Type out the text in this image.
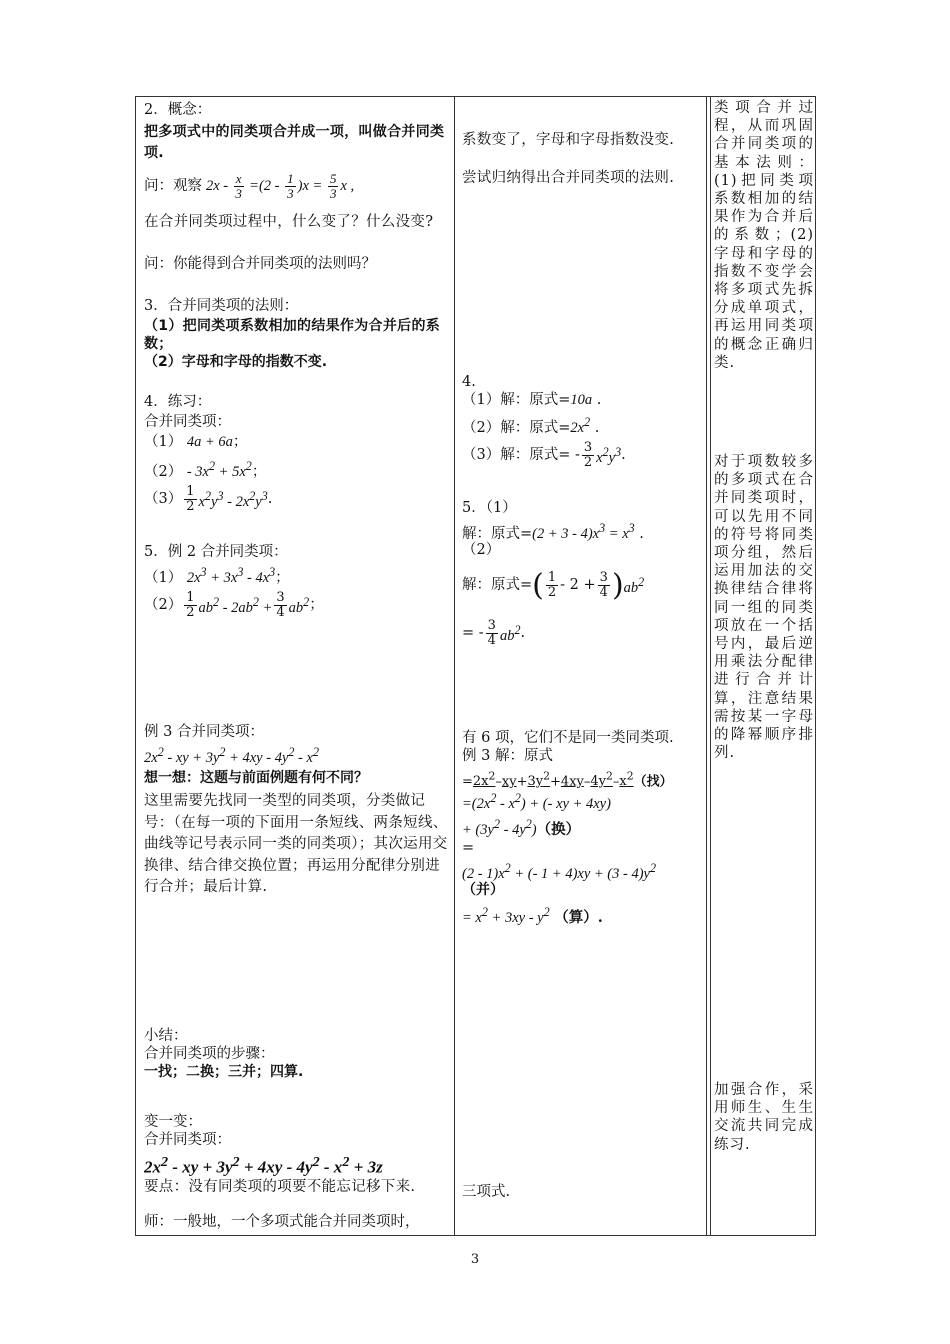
2．概念：
把多项式中的同类项合并成一项，叫做合并同类项.
问：观察 $2x - \frac{x}{3} =(2 - \frac{1}{3} )x = \frac{5}{3}$ x ,
在合并同类项过程中，什么变了？什么没变?
问：你能得到合并同类项的法则吗？
3．合并同类项的法则：
（1）把同类项系数相加的结果作为合并后的系数；
（2）字母和字母的指数不变.
4．练习：
合并同类项：
（1） 4a + 6a；
$(2) - 3x^2 + 5x^2$；
$(3) \frac{1}{2} x^2y^3 - 2x^2y^3$ .
5．例 2 合并同类项：
（1） $2x^3 + 3x^3 - 4x^3$；
$(2) \frac{1}{2} ab^2 - 2ab^2 + \frac{3}{4} ab^2$ ；
例 3 合并同类项：
$2x^2$ - xy + $3y^2 + 4xy - 4y^2 - x^2$
想一想：这题与前面例题有何不同？
这里需要先找同一类型的同类项，分类做记号：（在每一项的下面用一条短线、两条短线、曲线等记号表示同一类的同类项）；其次运用交换律、结合律交换位置；再运用分配律分别进行合并；最后计算.
小结：
合并同类项的步骤：
一找；二换；三并；四算.
变一变：
合并同类项：
$2x^2$ - xy + $3y^2 + 4xy - 4y^2 - x^2 + 3z$
要点：没有同类项的项要不能忘记移下来.
师：一般地，一个多项式能合并同类项时，
系数变了，字母和字母指数没变.
尝试归纳得出合并同类项的法则.
4.
（1）解：原式=10a .
（2）解：原式$=2x^2$ .
（3）解：原式= - $\frac{3}{2} x^2y^3$ .
5．（1）
解：原式$=(2 + 3 - 4)x^3 = x^3$ .
（2）
解：原式= ( $\frac{1}{2} - 2 + \frac{3}{4}$ ) $ab^2$
= - $\frac{3}{4} ab^2$ .
有 6 项，它们不是同一类同类项.
例 3 解：原式
$=2x^2-xy+3y^2+4xy-4y^2-x^2$（找）
$=(2x^2 - x^2)$ + (- xy + 4xy)
+ $(3y^2 - 4y^2)$（换）
=
$(2 - 1)x^2$ + (- $1 + 4)xy + (3 - 4)y^2$
（并）
= $x^2 + 3xy - y^2$ （算）.
三项式.
类项合并过程，从而巩固合并同类项的基本法则：(1)把同类项系数相加的结果作为合并后的系数；(2)字母和字母的指数不变学会将多项式先拆分成单项式，再运用同类项的概念正确归类.
对于项数较多的多项式在合并同类项时，可以先用不同的符号将同类项分组，然后运用加法的交换律结合律将同一组的同类项放在一个括号内，最后逆用乘法分配律进行合并计算，注意结果需按某一字母的降幂顺序排列.
加强合作，采用师生、生生交流共同完成练习.
3
